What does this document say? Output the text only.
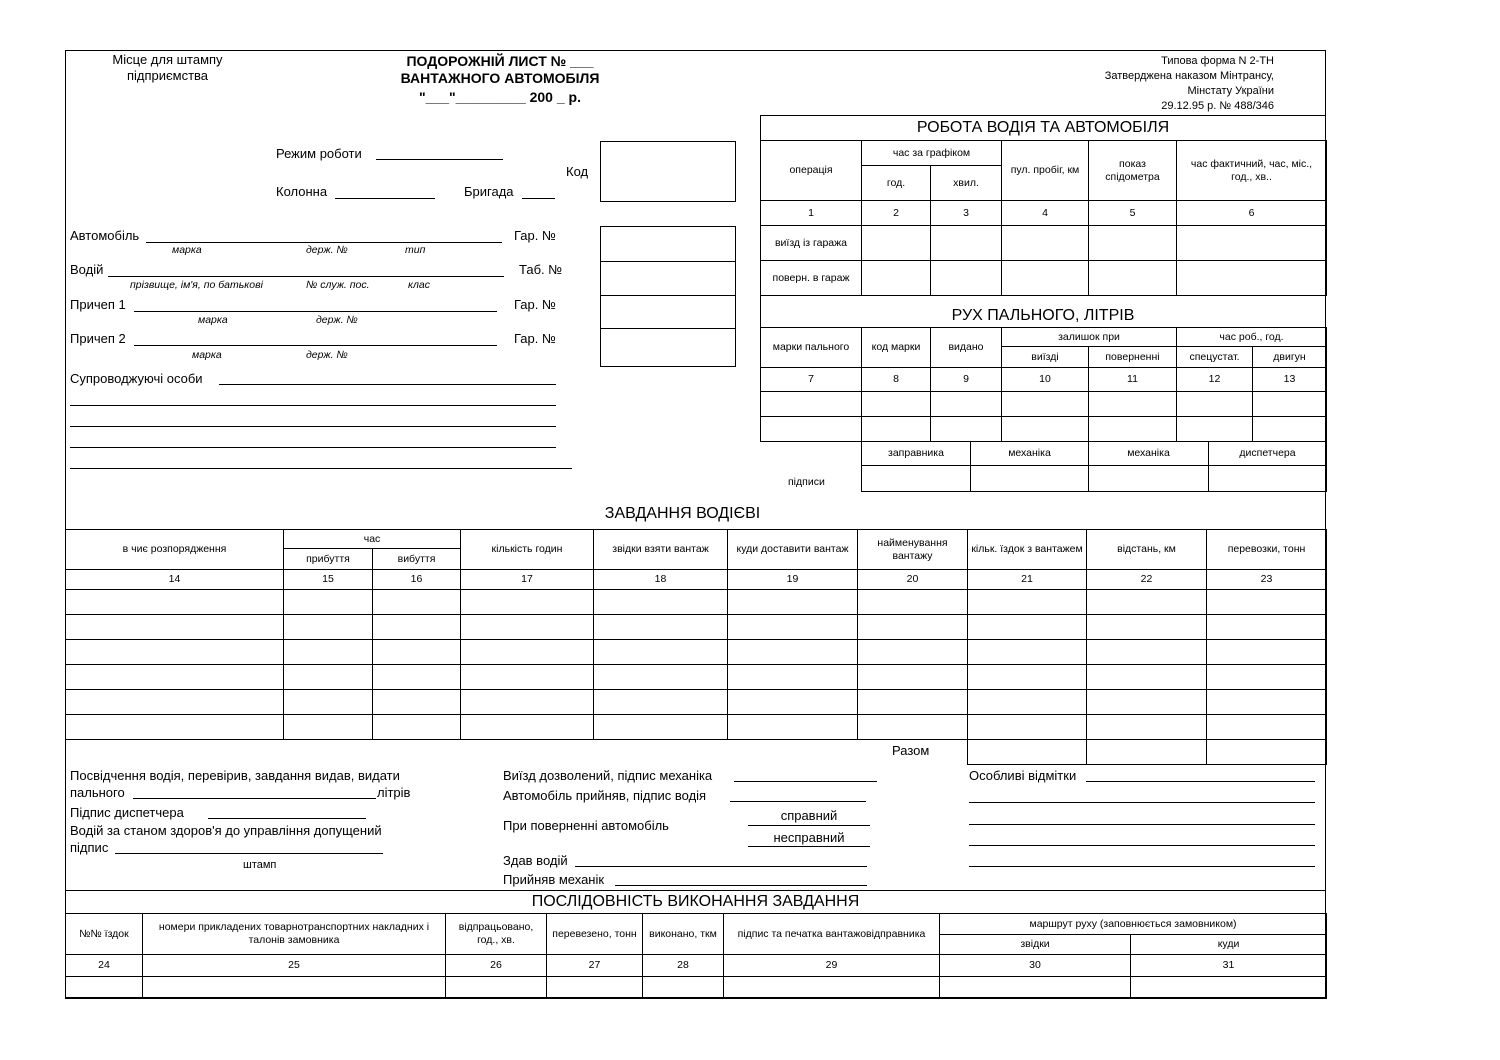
Місце для штампу
підприємства
ПОДОРОЖНІЙ ЛИСТ № ___
ВАНТАЖНОГО АВТОМОБІЛЯ
"___"_________ 200 _ р.
Типова форма N 2-ТН
Затверджена наказом Мінтрансу,
Мінстату України
29.12.95 р. № 488/346
Режим роботи
Колонна	Бригада
Код
Автомобіль
марка	держ. №	тип
Гар. №
Водій
прізвище, ім'я, по батькові	№ служ. пос.	клас
Таб. №
Причеп 1
марка	держ. №
Гар. №
Причеп 2
марка	держ. №
Гар. №
Супроводжуючі особи
РОБОТА ВОДІЯ ТА АВТОМОБІЛЯ
операція	час за графіком		пул. пробіг, км	показ спідометра	час фактичний, час, міс., год., хв..
	год.	хвил.			
1	2	3	4	5	6
виїзд із гаража					
поверн. в гараж					
РУХ ПАЛЬНОГО, ЛІТРІВ
марки пального	код марки	видано	залишок при		час роб., год.	
			виїзді	поверненні	спецустат.	двигун
7	8	9	10	11	12	13

заправника	механіка	механіка	диспетчера

підписи
ЗАВДАННЯ ВОДІЄВІ
в чиє розпорядження	час		кількість годин	звідки взяти вантаж	куди доставити вантаж	найменування вантажу	кільк. їздок з вантажем	відстань, км	перевозки, тонн
	прибуття	вибуття							
14	15	16	17	18	19	20	21	22	23

Разом
Посвідчення водія, перевірив, завдання видав, видати
пального	літрів
Підпис диспетчера
Водій за станом здоров'я до управління допущений
підпис
штамп
Виїзд дозволений, підпис механіка
Автомобіль прийняв, підпис водія
При поверненні автомобіль
справний
несправний
Здав водій
Прийняв механік
Особливі відмітки
ПОСЛІДОВНІСТЬ ВИКОНАННЯ ЗАВДАННЯ
№№ їздок	номери прикладених товарнотранспортних накладних і талонів замовника	відпрацьовано, год., хв.	перевезено, тонн	виконано, ткм	підпис та печатка вантажовідправника	маршрут руху (заповнюється замовником)	
						звідки	куди
24	25	26	27	28	29	30	31
